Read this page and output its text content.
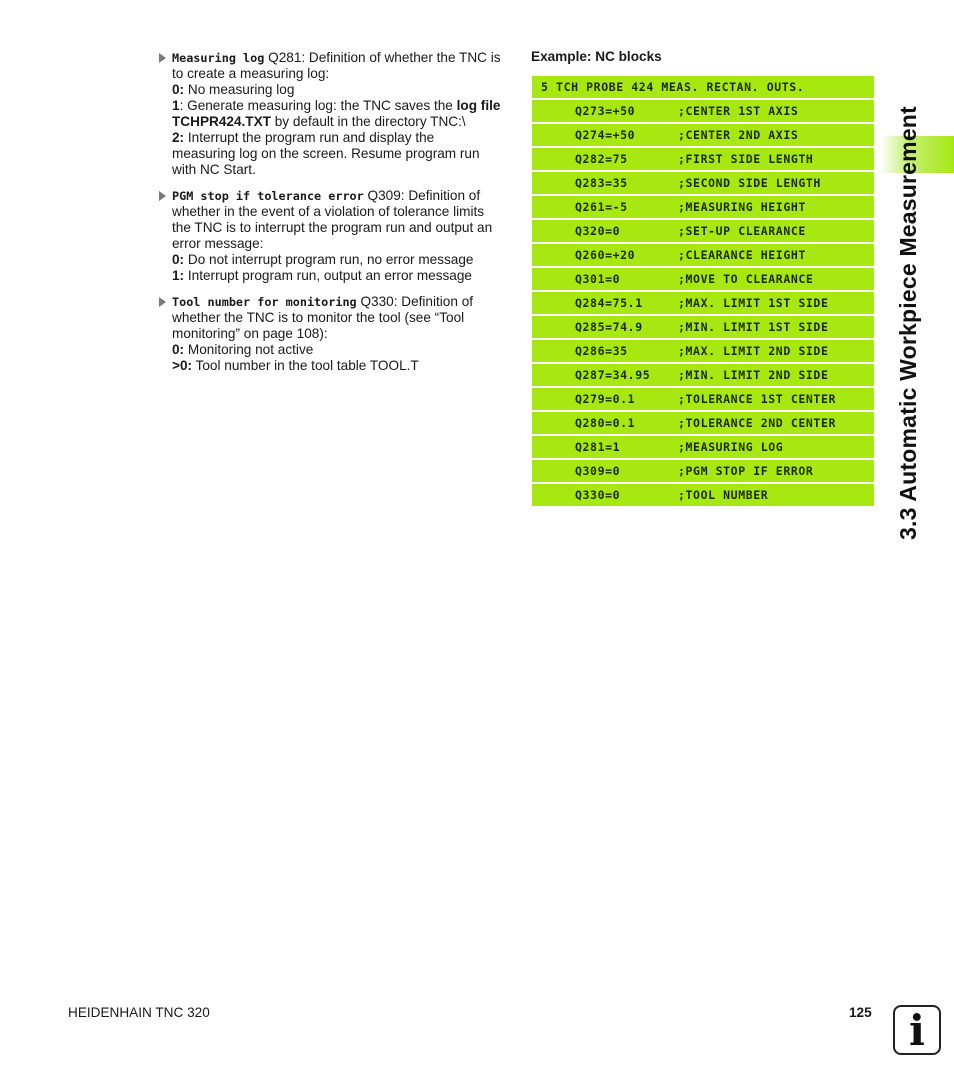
Measuring log Q281: Definition of whether the TNC is
to create a measuring log:
0: No measuring log
1: Generate measuring log: the TNC saves the log file
TCHPR424.TXT by default in the directory TNC:\
2: Interrupt the program run and display the
measuring log on the screen. Resume program run
with NC Start.
PGM stop if tolerance error Q309: Definition of
whether in the event of a violation of tolerance limits
the TNC is to interrupt the program run and output an
error message:
0: Do not interrupt program run, no error message
1: Interrupt program run, output an error message
Tool number for monitoring Q330: Definition of
whether the TNC is to monitor the tool (see “Tool
monitoring” on page 108):
0: Monitoring not active
>0: Tool number in the tool table TOOL.T
Example: NC blocks
5 TCH PROBE 424 MEAS. RECTAN. OUTS.
Q273=+50	;CENTER 1ST AXIS
Q274=+50	;CENTER 2ND AXIS
Q282=75	;FIRST SIDE LENGTH
Q283=35	;SECOND SIDE LENGTH
Q261=-5	;MEASURING HEIGHT
Q320=0	;SET-UP CLEARANCE
Q260=+20	;CLEARANCE HEIGHT
Q301=0	;MOVE TO CLEARANCE
Q284=75.1	;MAX. LIMIT 1ST SIDE
Q285=74.9	;MIN. LIMIT 1ST SIDE
Q286=35	;MAX. LIMIT 2ND SIDE
Q287=34.95 ;MIN. LIMIT 2ND SIDE
Q279=0.1	;TOLERANCE 1ST CENTER
Q280=0.1	;TOLERANCE 2ND CENTER
Q281=1	;MEASURING LOG
Q309=0	;PGM STOP IF ERROR
Q330=0	;TOOL NUMBER	3.3 Automatic Workpiece Measurement
HEIDENHAIN TNC 320	125 i
